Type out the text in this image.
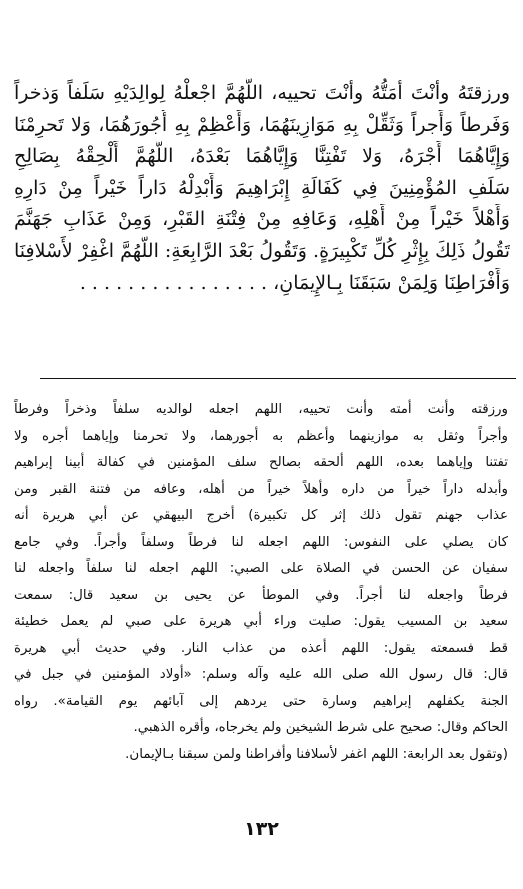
ورزقتَهُ وأنْتَ أمَتُّهُ وأنْتَ تحييه، اللَّهُمَّ اجْعلْهُ لِوالِدَيْهِ سَلَفاً وَذخراً
وَفَرطاً وَأَجراً وَثَقِّلْ بِهِ مَوَازِينَهُمَا، وَأَعْظِمْ بِهِ أُجُورَهُمَا، وَلا تَحرِمْنَا
وَإِيَّاهُمَا أَجْرَهُ، وَلا تَفْتِنَّا وَإِيَّاهُمَا بَعْدَهُ، اللَّهُمَّ أَلْحِقْهُ بِصَالِحِ
سَلَفِ المُؤْمِنِينَ فِي كَفَالَةِ إِبْرَاهِيمَ وَأَبْدِلْهُ دَاراً خَيْراً مِنْ دَارِهِ
وَأَهْلاً خَيْراً مِنْ أَهْلِهِ، وَعَافِهِ مِنْ فِتْنَةِ القَبْرِ، وَمِنْ عَذَابِ جَهَنَّمَ
تَقُولُ ذَلِكَ بِإِثْرِ كُلِّ تَكْبِيرَةٍ. وَتَقُولُ بَعْدَ الرَّابِعَةِ: اللَّهُمَّ اغْفِرْ لأَسْلافِنَا
وَأَفْرَاطِنَا وَلِمَنْ سَبَقَنَا بِـالإِيمَانِ، . . . . . . . . . . . . . . . .
ورزقته وأنت أمته وأنت تحييه، اللهم اجعله لوالديه سلفاً وذخراً وفرطاً
وأجراً وثقل به موازينهما وأعظم به أجورهما، ولا تحرمنا وإياهما أجره ولا
تفتنا وإياهما بعده، اللهم ألحقه بصالح سلف المؤمنين في كفالة أبينا إبراهيم
وأبدله داراً خيراً من داره وأهلاً خيراً من أهله، وعافه من فتنة القبر ومن
عذاب جهنم تقول ذلك إثر كل تكبيرة) أخرج البيهقي عن أبي هريرة أنه
كان يصلي على النفوس: اللهم اجعله لنا فرطاً وسلفاً وأجراً. وفي جامع
سفيان عن الحسن في الصلاة على الصبي: اللهم اجعله لنا سلفاً واجعله لنا
فرطاً واجعله لنا أجراً. وفي الموطأ عن يحيى بن سعيد قال: سمعت
سعيد بن المسيب يقول: صليت وراء أبي هريرة على صبي لم يعمل خطيئة
قط فسمعته يقول: اللهم أعذه من عذاب النار. وفي حديث أبي هريرة
قال: قال رسول الله صلى الله عليه وآله وسلم: «أولاد المؤمنين في جبل في
الجنة يكفلهم إبراهيم وسارة حتى يردهم إلى آبائهم يوم القيامة». رواه
الحاكم وقال: صحيح على شرط الشيخين ولم يخرجاه، وأقره الذهبي.
(وتقول بعد الرابعة: اللهم اغفر لأسلافنا وأفراطنا ولمن سبقنا بـالإيمان.
١٣٢
